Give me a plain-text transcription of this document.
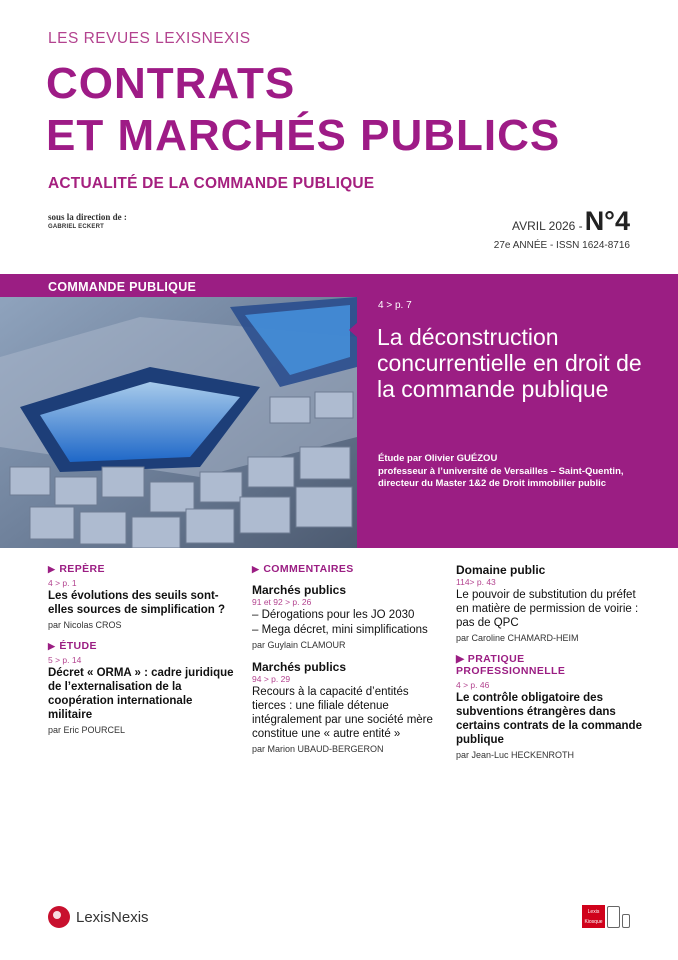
LES REVUES LEXISNEXIS
CONTRATS
ET MARCHÉS PUBLICS
ACTUALITÉ DE LA COMMANDE PUBLIQUE
sous la direction de :
GABRIEL ECKERT	AVRIL 2026 - N°4
27e ANNÉE - ISSN 1624-8716
COMMANDE PUBLIQUE
4 > p. 7
La déconstruction concurrentielle en droit de la commande publique
Étude par Olivier GUÉZOU
professeur à l’université de Versailles – Saint-Quentin,
directeur du Master 1&2 de Droit immobilier public
▶ REPÈRE
4 > p. 1
Les évolutions des seuils sont-elles sources de simplification ?
par Nicolas CROS
▶ ÉTUDE
5 > p. 14
Décret « ORMA » : cadre juridique de l’externalisation de la coopération internationale militaire
par Eric POURCEL
▶ COMMENTAIRES
Marchés publics
91 et 92 > p. 26
– Dérogations pour les JO 2030
– Mega décret, mini simplifications
par Guylain CLAMOUR
Marchés publics
94 > p. 29
Recours à la capacité d’entités tierces : une filiale détenue intégralement par une société mère constitue une « autre entité »
par Marion UBAUD-BERGERON
Domaine public
114> p. 43
Le pouvoir de substitution du préfet en matière de permission de voirie : pas de QPC
par Caroline CHAMARD-HEIM
▶ PRATIQUE
PROFESSIONNELLE
4 > p. 46
Le contrôle obligatoire des subventions étrangères dans certains contrats de la commande publique
par Jean-Luc HECKENROTH
LexisNexis	Lexis
Kiosque
